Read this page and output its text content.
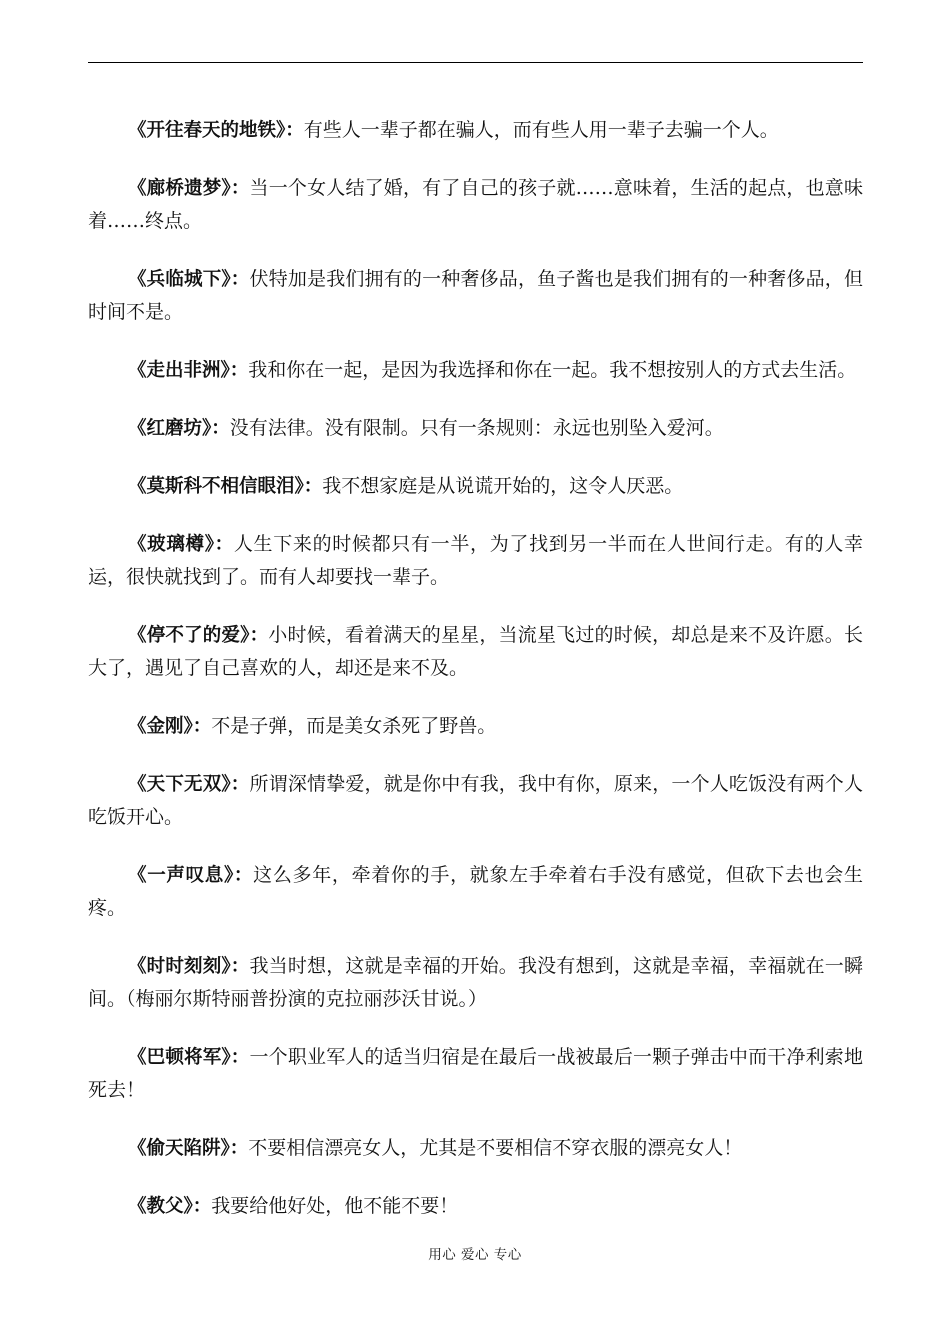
《开往春天的地铁》：有些人一辈子都在骗人，而有些人用一辈子去骗一个人。

《廊桥遗梦》：当一个女人结了婚，有了自己的孩子就……意味着，生活的起点，也意味着……终点。

《兵临城下》：伏特加是我们拥有的一种奢侈品，鱼子酱也是我们拥有的一种奢侈品，但时间不是。

《走出非洲》：我和你在一起，是因为我选择和你在一起。我不想按别人的方式去生活。

《红磨坊》：没有法律。没有限制。只有一条规则：永远也别坠入爱河。

《莫斯科不相信眼泪》：我不想家庭是从说谎开始的，这令人厌恶。

《玻璃樽》：人生下来的时候都只有一半，为了找到另一半而在人世间行走。有的人幸运，很快就找到了。而有人却要找一辈子。

《停不了的爱》：小时候，看着满天的星星，当流星飞过的时候，却总是来不及许愿。长大了，遇见了自己喜欢的人，却还是来不及。

《金刚》：不是子弹，而是美女杀死了野兽。

《天下无双》：所谓深情挚爱，就是你中有我，我中有你，原来，一个人吃饭没有两个人吃饭开心。

《一声叹息》：这么多年，牵着你的手，就象左手牵着右手没有感觉，但砍下去也会生疼。

《时时刻刻》：我当时想，这就是幸福的开始。我没有想到，这就是幸福，幸福就在一瞬间。（梅丽尔斯特丽普扮演的克拉丽莎沃甘说。）

《巴顿将军》：一个职业军人的适当归宿是在最后一战被最后一颗子弹击中而干净利索地死去！

《偷天陷阱》：不要相信漂亮女人，尤其是不要相信不穿衣服的漂亮女人！

《教父》：我要给他好处，他不能不要！

用心 爱心 专心
